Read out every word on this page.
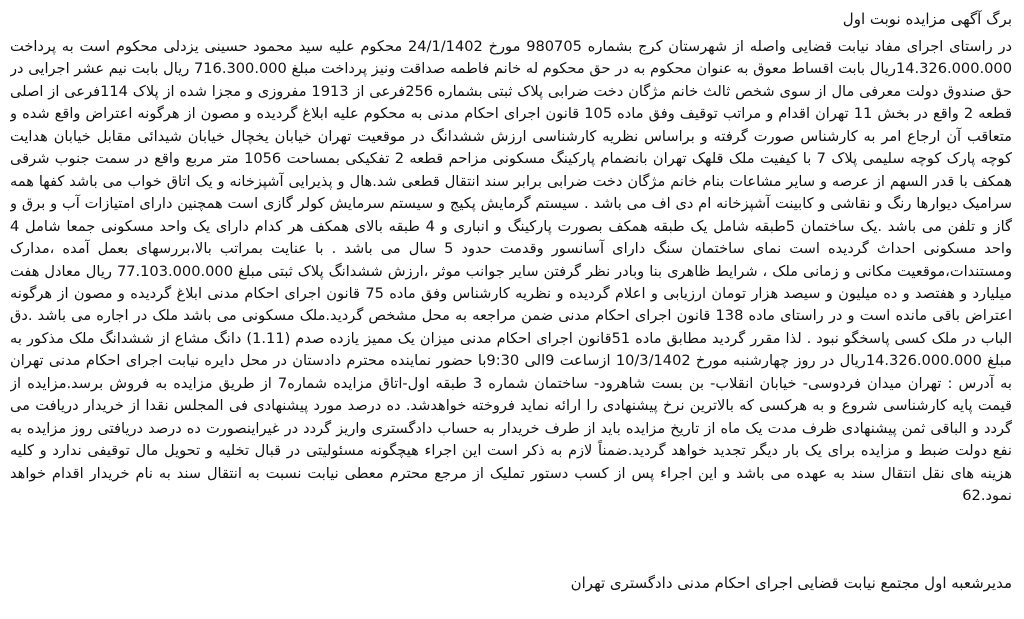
برگ آگهی مزایده نوبت اول

در راستای اجرای مفاد نیابت قضایی واصله از شهرستان کرج بشماره 980705 مورخ 24/1/1402 محکوم علیه سید محمود حسینی یزدلی محکوم است به پرداخت 14.326.000.000ریال بابت اقساط معوق به عنوان محکوم به در حق محکوم له خانم فاطمه صداقت ونیز پرداخت مبلغ 716.300.000 ریال بابت نیم عشر اجرایی در حق صندوق دولت معرفی مال از سوی شخص ثالث خانم مژگان دخت ضرابی پلاک ثبتی بشماره 256فرعی از 1913 مفروزی و مجزا شده از پلاک 114فرعی از اصلی قطعه 2 واقع در بخش 11 تهران اقدام و مراتب توقیف وفق ماده 105 قانون اجرای احکام مدنی به محکوم علیه ابلاغ گردیده و مصون از هرگونه اعتراض واقع شده و متعاقب آن ارجاع امر به کارشناس صورت گرفته و براساس نظریه کارشناسی ارزش ششدانگ در موقعیت تهران خیابان یخچال خیابان شیدائی مقابل خیابان هدایت کوچه پارک کوچه سلیمی پلاک 7 با کیفیت ملک قلهک تهران بانضمام پارکینگ مسکونی مزاحم قطعه 2 تفکیکی بمساحت 1056 متر مربع واقع در سمت جنوب شرقی همکف با قدر السهم از عرصه و سایر مشاعات بنام خانم مژگان دخت ضرابی برابر سند انتقال قطعی شد.هال و پذیرایی آشپزخانه و یک اتاق خواب می باشد کفها همه سرامیک دیوارها رنگ و نقاشی و کابینت آشپزخانه ام دی اف می باشد . سیستم گرمایش پکیج و سیستم سرمایش کولر گازی است همچنین دارای امتیازات آب و برق و گاز و تلفن می باشد .یک ساختمان 5طبقه شامل یک طبقه همکف بصورت پارکینگ و انباری و 4 طبقه بالای همکف هر کدام دارای یک واحد مسکونی جمعا شامل 4 واحد مسکونی احداث گردیده است نمای ساختمان سنگ دارای آسانسور وقدمت حدود 5 سال می باشد . با عنایت بمراتب بالا،بررسهای بعمل آمده ،مدارک ومستندات،موقعیت مکانی و زمانی ملک ، شرایط ظاهری بنا وبادر نظر گرفتن سایر جوانب موثر ،ارزش ششدانگ پلاک ثبتی مبلغ 77.103.000.000 ریال معادل هفت میلیارد و هفتصد و ده میلیون و سیصد هزار تومان ارزیابی و اعلام گردیده و نظریه کارشناس وفق ماده 75 قانون اجرای احکام مدنی ابلاغ گردیده و مصون از هرگونه اعتراض باقی مانده است و در راستای ماده 138 قانون اجرای احکام مدنی ضمن مراجعه به محل مشخص گردید.ملک مسکونی می باشد ملک در اجاره می باشد .دق الباب در ملک کسی پاسخگو نبود . لذا مقرر گردید مطابق ماده 51قانون اجرای احکام مدنی میزان یک ممیز یازده صدم (1.11) دانگ مشاع از ششدانگ ملک مذکور به مبلغ 14.326.000.000ریال در روز چهارشنبه مورخ 10/3/1402 ازساعت 9الی 9:30با حضور نماینده محترم دادستان در محل دایره نیابت اجرای احکام مدنی تهران به آدرس : تهران میدان فردوسی- خیابان انقلاب- بن بست شاهرود- ساختمان شماره 3 طبقه اول-اتاق مزایده شماره7 از طریق مزایده به فروش برسد.مزایده از قیمت پایه کارشناسی شروع و به هرکسی که بالاترین نرخ پیشنهادی را ارائه نماید فروخته خواهدشد. ده درصد مورد پیشنهادی فی المجلس نقدا از خریدار دریافت می گردد و الباقی ثمن پیشنهادی ظرف مدت یک ماه از تاریخ مزایده باید از طرف خریدار به حساب دادگستری واریز گردد در غیراینصورت ده درصد دریافتی روز مزایده به نفع دولت ضبط و مزایده برای یک بار دیگر تجدید خواهد گردید.ضمناً لازم به ذکر است این اجراء هیچگونه مسئولیتی در قبال تخلیه و تحویل مال توقیفی ندارد و کلیه هزینه های نقل انتقال سند به عهده می باشد و این اجراء پس از کسب دستور تملیک از مرجع محترم معطی نیابت نسبت به انتقال سند به نام خریدار اقدام خواهد نمود.62

مدیرشعبه اول مجتمع نیابت قضایی اجرای احکام مدنی دادگستری تهران
